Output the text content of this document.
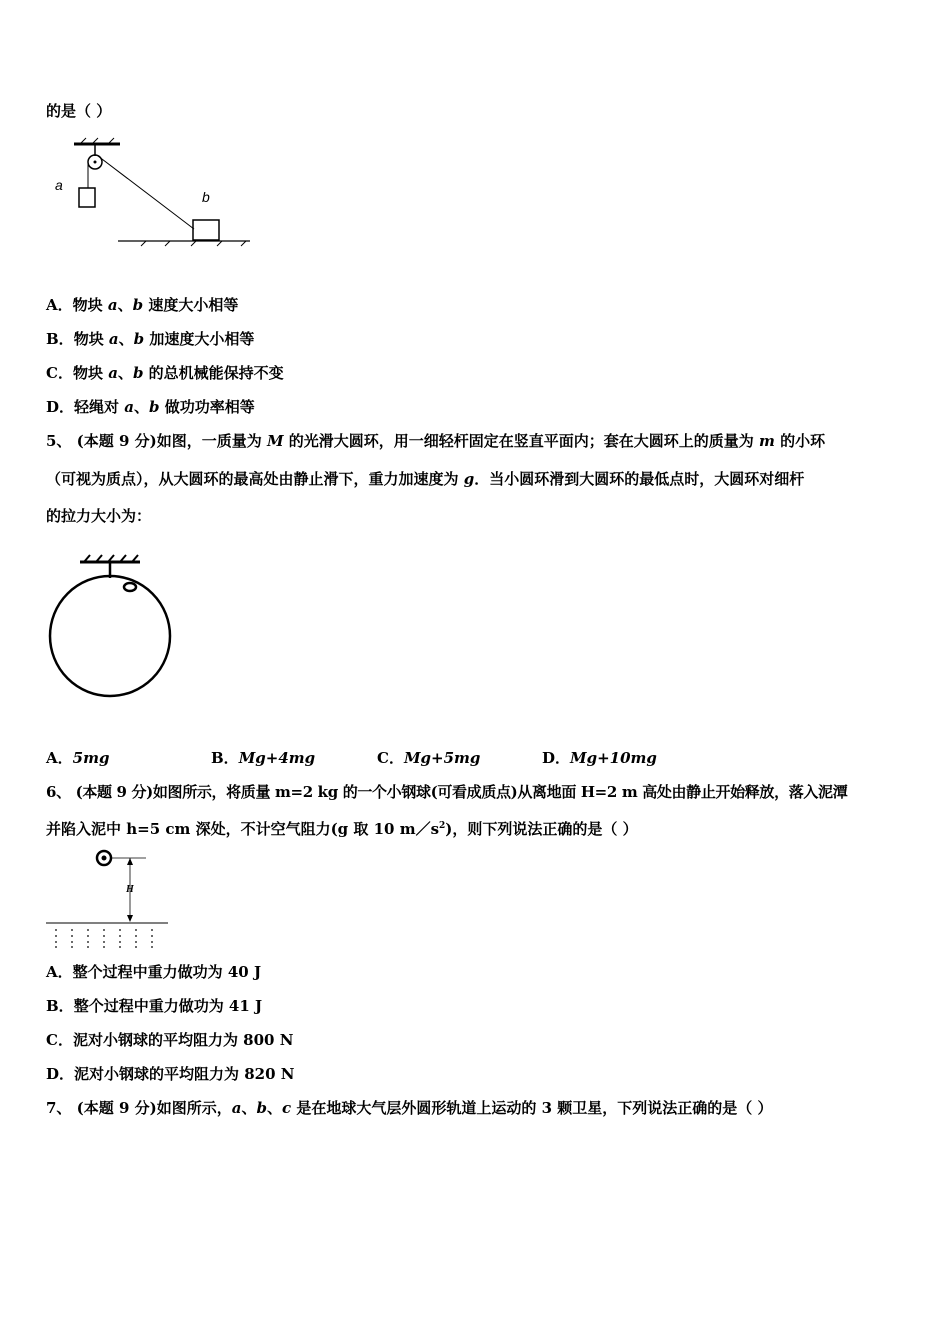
的是（ ）
a
b
A．物块 a、b 速度大小相等
B．物块 a、b 加速度大小相等
C．物块 a、b 的总机械能保持不变
D．轻绳对 a、b 做功功率相等
5、 (本题 9 分)如图，一质量为 M 的光滑大圆环，用一细轻杆固定在竖直平面内；套在大圆环上的质量为 m 的小环
（可视为质点），从大圆环的最高处由静止滑下，重力加速度为 g．当小圆环滑到大圆环的最低点时，大圆环对细杆
的拉力大小为：
A．5mg	B．Mg+4mg	C．Mg+5mg	D．Mg+10mg
6、 (本题 9 分)如图所示，将质量 m=2 kg 的一个小钢球(可看成质点)从离地面 H=2 m 高处由静止开始释放，落入泥潭
并陷入泥中 h=5 cm 深处，不计空气阻力(g 取 10 $m/s^2$)，则下列说法正确的是（ ）
H
A．整个过程中重力做功为 40 J
B．整个过程中重力做功为 41 J
C．泥对小钢球的平均阻力为 800 N
D．泥对小钢球的平均阻力为 820 N
7、 (本题 9 分)如图所示，a、b、c 是在地球大气层外圆形轨道上运动的 3 颗卫星，下列说法正确的是（ ）
